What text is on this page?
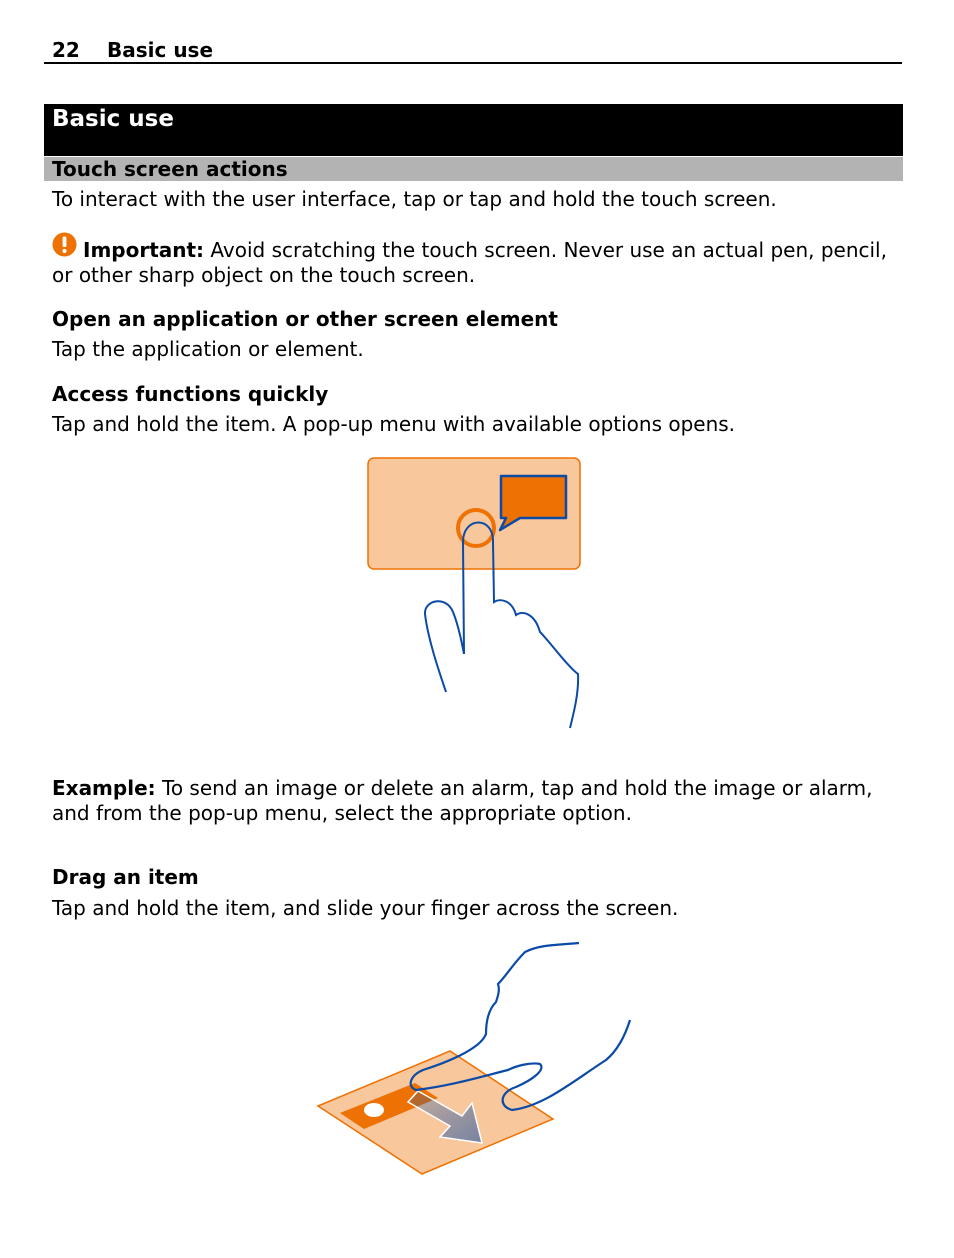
22 Basic use
Basic use
Touch screen actions
To interact with the user interface, tap or tap and hold the touch screen.
Important: Avoid scratching the touch screen. Never use an actual pen, pencil, or other sharp object on the touch screen.
Open an application or other screen element
Tap the application or element.
Access functions quickly
Tap and hold the item. A pop-up menu with available options opens.
Example: To send an image or delete an alarm, tap and hold the image or alarm, and from the pop-up menu, select the appropriate option.
Drag an item
Tap and hold the item, and slide your finger across the screen.
